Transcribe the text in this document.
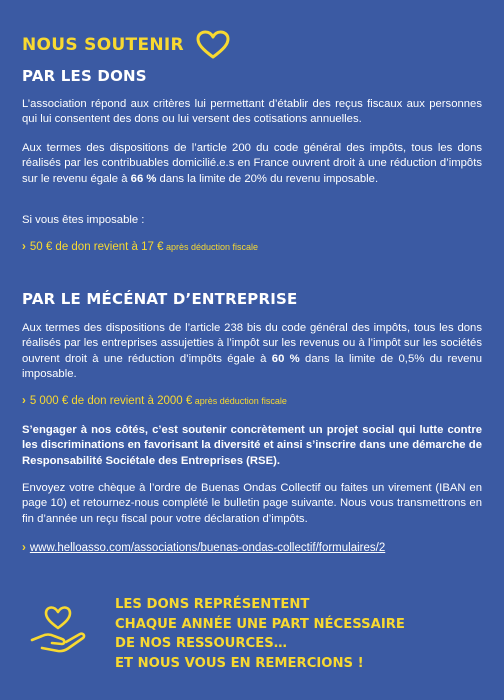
NOUS SOUTENIR
PAR LES DONS

L’association répond aux critères lui permettant d’établir des reçus fiscaux aux personnes qui lui consentent des dons ou lui versent des cotisations annuelles.

Aux termes des dispositions de l’article 200 du code général des impôts, tous les dons réalisés par les contribuables domicilié.e.s en France ouvrent droit à une réduction d’impôts sur le revenu égale à 66 % dans la limite de 20% du revenu imposable.

Si vous êtes imposable :

› 50 € de don revient à 17 € après déduction fiscale
PAR LE MÉCÉNAT D’ENTREPRISE

Aux termes des dispositions de l’article 238 bis du code général des impôts, tous les dons réalisés par les entreprises assujetties à l’impôt sur les revenus ou à l’impôt sur les sociétés ouvrent droit à une réduction d’impôts égale à 60 % dans la limite de 0,5% du revenu imposable.

› 5 000 € de don revient à 2000 € après déduction fiscale

S’engager à nos côtés, c’est soutenir concrètement un projet social qui lutte contre les discriminations en favorisant la diversité et ainsi s’inscrire dans une démarche de Responsabilité Sociétale des Entreprises (RSE).

Envoyez votre chèque à l’ordre de Buenas Ondas Collectif ou faites un virement (IBAN en page 10) et retournez-nous complété le bulletin page suivante. Nous vous transmettrons en fin d’année un reçu fiscal pour votre déclaration d’impôts.

› www.helloasso.com/associations/buenas-ondas-collectif/formulaires/2
LES DONS REPRÉSENTENT
CHAQUE ANNÉE UNE PART NÉCESSAIRE
DE NOS RESSOURCES…
ET NOUS VOUS EN REMERCIONS !
